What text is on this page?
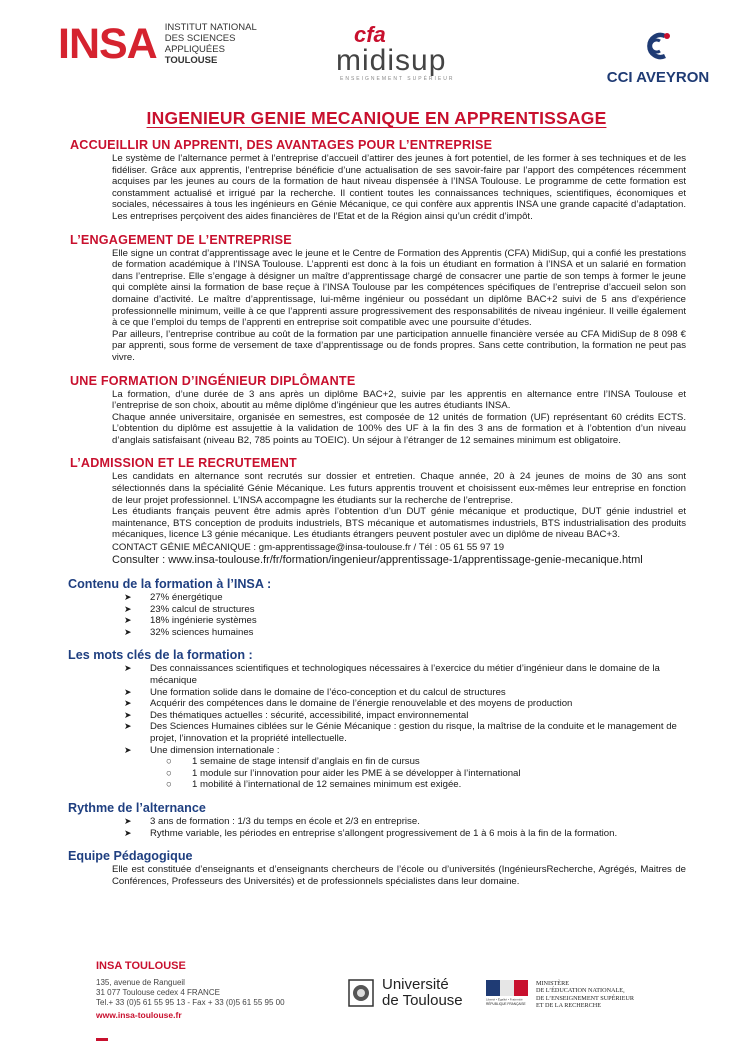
INSA INSTITUT NATIONAL
DES SCIENCES
APPLIQUÉES
TOULOUSE
cfa
midisup
ENSEIGNEMENT SUPÉRIEUR	CCI AVEYRON
INGENIEUR GENIE MECANIQUE EN APPRENTISSAGE
ACCUEILLIR UN APPRENTI, DES AVANTAGES POUR L’ENTREPRISE

Le système de l’alternance permet à l’entreprise d’accueil d’attirer des jeunes à fort potentiel, de les former à ses techniques et de les fidéliser. Grâce aux apprentis, l’entreprise bénéficie d’une actualisation de ses savoir-faire par l’apport des compétences récemment acquises par les jeunes au cours de la formation de haut niveau dispensée à l’INSA Toulouse. Le programme de cette formation est constamment actualisé et irrigué par la recherche. Il contient toutes les connaissances techniques, scientifiques, économiques et sociales, nécessaires à tous les ingénieurs en Génie Mécanique, ce qui confère aux apprentis INSA une grande capacité d’adaptation. Les entreprises perçoivent des aides financières de l’Etat et de la Région ainsi qu’un crédit d’impôt.

L’ENGAGEMENT DE L’ENTREPRISE

Elle signe un contrat d’apprentissage avec le jeune et le Centre de Formation des Apprentis (CFA) MidiSup, qui a confié les prestations de formation académique à l’INSA Toulouse. L’apprenti est donc à la fois un étudiant en formation à l’INSA et un salarié en formation dans l’entreprise. Elle s’engage à désigner un maître d’apprentissage chargé de consacrer une partie de son temps à former le jeune qui complète ainsi la formation de base reçue à l’INSA Toulouse par les compétences spécifiques de l’entreprise d’accueil selon son domaine d’activité. Le maître d’apprentissage, lui-même ingénieur ou possédant un diplôme BAC+2 suivi de 5 ans d’expérience professionnelle minimum, veille à ce que l’apprenti assure progressivement des responsabilités de niveau ingénieur. Il veille également à ce que l’emploi du temps de l’apprenti en entreprise soit compatible avec une poursuite d’études.

Par ailleurs, l’entreprise contribue au coût de la formation par une participation annuelle financière versée au CFA MidiSup de 8 098 € par apprenti, sous forme de versement de taxe d’apprentissage ou de fonds propres. Sans cette contribution, la formation ne peut pas vivre.

UNE FORMATION D’INGÉNIEUR DIPLÔMANTE

La formation, d’une durée de 3 ans après un diplôme BAC+2, suivie par les apprentis en alternance entre l’INSA Toulouse et l’entreprise de son choix, aboutit au même diplôme d’ingénieur que les autres étudiants INSA.

Chaque année universitaire, organisée en semestres, est composée de 12 unités de formation (UF) représentant 60 crédits ECTS. L’obtention du diplôme est assujettie à la validation de 100% des UF à la fin des 3 ans de formation et à l’obtention d’un niveau d’anglais satisfaisant (niveau B2, 785 points au TOEIC). Un séjour à l’étranger de 12 semaines minimum est obligatoire.

L’ADMISSION ET LE RECRUTEMENT

Les candidats en alternance sont recrutés sur dossier et entretien. Chaque année, 20 à 24 jeunes de moins de 30 ans sont sélectionnés dans la spécialité Génie Mécanique. Les futurs apprentis trouvent et choisissent eux-mêmes leur entreprise en fonction de leur projet professionnel. L’INSA accompagne les étudiants sur la recherche de l’entreprise.

Les étudiants français peuvent être admis après l’obtention d’un DUT génie mécanique et productique, DUT génie industriel et maintenance, BTS conception de produits industriels, BTS mécanique et automatismes industriels, BTS industrialisation des produits mécaniques, licence L3 génie mécanique. Les étudiants étrangers peuvent postuler avec un diplôme de niveau BAC+3.

CONTACT GÉNIE MÉCANIQUE : gm-apprentissage@insa-toulouse.fr / Tél : 05 61 55 97 19
Consulter : www.insa-toulouse.fr/fr/formation/ingenieur/apprentissage-1/apprentissage-genie-mecanique.html
Contenu de la formation à l’INSA :
➤ 27% énergétique
➤ 23% calcul de structures
➤ 18% ingénierie systèmes
➤ 32% sciences humaines
Les mots clés de la formation :
➤ Des connaissances scientifiques et technologiques nécessaires à l’exercice du métier d’ingénieur dans le domaine de la mécanique
➤ Une formation solide dans le domaine de l’éco-conception et du calcul de structures
➤ Acquérir des compétences dans le domaine de l’énergie renouvelable et des moyens de production
➤ Des thématiques actuelles : sécurité, accessibilité, impact environnemental
➤ Des Sciences Humaines ciblées sur le Génie Mécanique : gestion du risque, la maîtrise de la conduite et le management de projet, l’innovation et la propriété intellectuelle.
➤ Une dimension internationale :
○ 1 semaine de stage intensif d’anglais en fin de cursus
○ 1 module sur l’innovation pour aider les PME à se développer à l’international
○ 1 mobilité à l’international de 12 semaines minimum est exigée.
Rythme de l’alternance
➤ 3 ans de formation : 1/3 du temps en école et 2/3 en entreprise.
➤ Rythme variable, les périodes en entreprise s’allongent progressivement de 1 à 6 mois à la fin de la formation.
Equipe Pédagogique

Elle est constituée d’enseignants et d’enseignants chercheurs de l’école ou d’universités (IngénieursRecherche, Agrégés, Maitres de Conférences, Professeurs des Universités) et de professionnels spécialistes dans leur domaine.

INSA TOULOUSE
135, avenue de Rangueil
31 077 Toulouse cedex 4 FRANCE
Tel.+ 33 (0)5 61 55 95 13 - Fax + 33 (0)5 61 55 95 00
www.insa-toulouse.fr
Université
de Toulouse	Liberté • Égalité • Fraternité
RÉPUBLIQUE FRANÇAISE
MINISTÈRE
DE L’ÉDUCATION NATIONALE,
DE L’ENSEIGNEMENT SUPÉRIEUR
ET DE LA RECHERCHE
